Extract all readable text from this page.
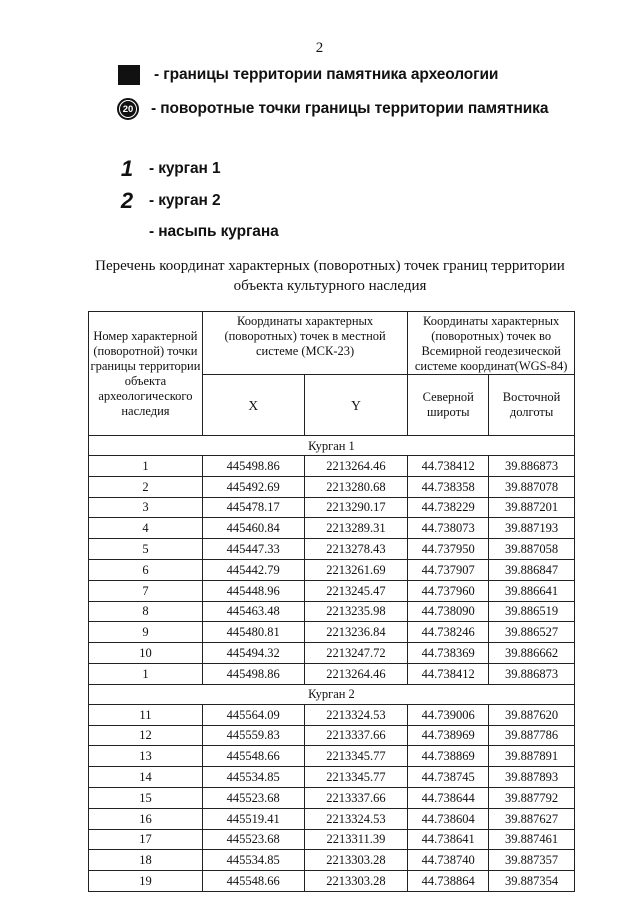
2
- границы территории памятника археологии
20 - поворотные точки границы территории памятника
1 - курган 1
2 - курган 2
- насыпь кургана
Перечень координат характерных (поворотных) точек границ территории
объекта культурного наследия
Номер характерной (поворотной) точки границы территории объекта археологического наследия	Координаты характерных (поворотных) точек в местной системе (МСК-23)		Координаты характерных (поворотных) точек во Всемирной геодезической системе координат(WGS-84)	
	X	Y	Северной широты	Восточной долготы
Курган 1				
1	445498.86	2213264.46	44.738412	39.886873
2	445492.69	2213280.68	44.738358	39.887078
3	445478.17	2213290.17	44.738229	39.887201
4	445460.84	2213289.31	44.738073	39.887193
5	445447.33	2213278.43	44.737950	39.887058
6	445442.79	2213261.69	44.737907	39.886847
7	445448.96	2213245.47	44.737960	39.886641
8	445463.48	2213235.98	44.738090	39.886519
9	445480.81	2213236.84	44.738246	39.886527
10	445494.32	2213247.72	44.738369	39.886662
1	445498.86	2213264.46	44.738412	39.886873
Курган 2				
11	445564.09	2213324.53	44.739006	39.887620
12	445559.83	2213337.66	44.738969	39.887786
13	445548.66	2213345.77	44.738869	39.887891
14	445534.85	2213345.77	44.738745	39.887893
15	445523.68	2213337.66	44.738644	39.887792
16	445519.41	2213324.53	44.738604	39.887627
17	445523.68	2213311.39	44.738641	39.887461
18	445534.85	2213303.28	44.738740	39.887357
19	445548.66	2213303.28	44.738864	39.887354
